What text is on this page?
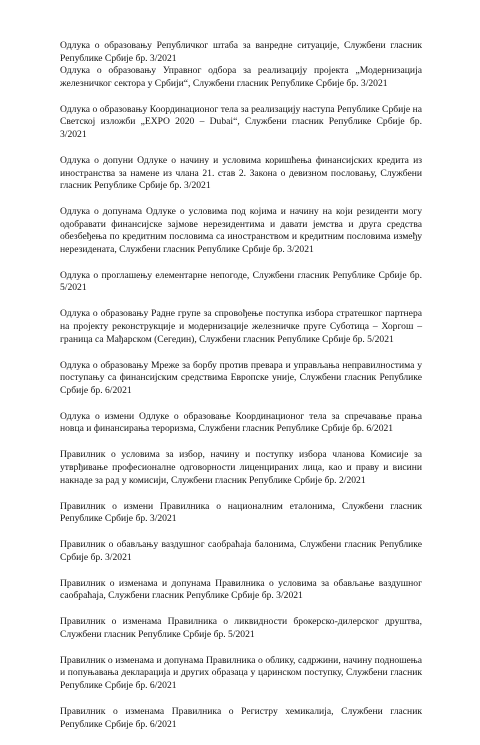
Одлука о образовању Републичког штаба за ванредне ситуације, Службени гласник Републике Србије бр. 3/2021

Одлука о образовању Управног одбора за реализацију пројекта „Модернизација железничког сектора у Србији“, Службени гласник Републике Србије бр. 3/2021

Одлука о образовању Координационог тела за реализацију наступа Републике Србије на Светској изложби „EXPO 2020 – Dubai“, Службени гласник Републике Србије бр. 3/2021

Одлука о допуни Одлуке о начину и условима коришћења финансијских кредита из иностранства за намене из члана 21. став 2. Закона о девизном пословању, Службени гласник Републике Србије бр. 3/2021

Одлука о допунама Одлуке о условима под којима и начину на који резиденти могу одобравати финансијске зајмове нерезидентима и давати јемства и друга средства обезбеђења по кредитним пословима са иностранством и кредитним пословима између нерезидената, Службени гласник Републике Србије бр. 3/2021

Одлука о проглашењу елементарне непогоде, Службени гласник Републике Србије бр. 5/2021

Одлука о образовању Радне групе за спровођење поступка избора стратешког партнера на пројекту реконструкције и модернизације железничке пруге Суботица – Хоргош – граница са Мађарском (Сегедин), Службени гласник Републике Србије бр. 5/2021

Одлука о образовању Мреже за борбу против превара и управљања неправилностима у поступању са финансијским средствима Европске уније, Службени гласник Републике Србије бр. 6/2021

Одлука о измени Одлуке о образовање Координационог тела за спречавање прања новца и финансирања тероризма, Службени гласник Републике Србије бр. 6/2021

Правилник о условима за избор, начину и поступку избора чланова Комисије за утврђивање професионалне одговорности лиценцираних лица, као и праву и висини накнаде за рад у комисији, Службени гласник Републике Србије бр. 2/2021

Правилник о измени Правилника о националним еталонима, Службени гласник Републике Србије бр. 3/2021

Правилник о обављању ваздушног саобраћаја балонима, Службени гласник Републике Србије бр. 3/2021

Правилник о изменама и допунама Правилника о условима за обављање ваздушног саобраћаја, Службени гласник Републике Србије бр. 3/2021

Правилник о изменама Правилника о ликвидности брокерско-дилерског друштва, Службени гласник Републике Србије бр. 5/2021

Правилник о изменама и допунама Правилника о облику, садржини, начину подношења и попуњавања декларација и других образаца у царинском поступку, Службени гласник Републике Србије бр. 6/2021

Правилник о изменама Правилника о Регистру хемикалија, Службени гласник Републике Србије бр. 6/2021
